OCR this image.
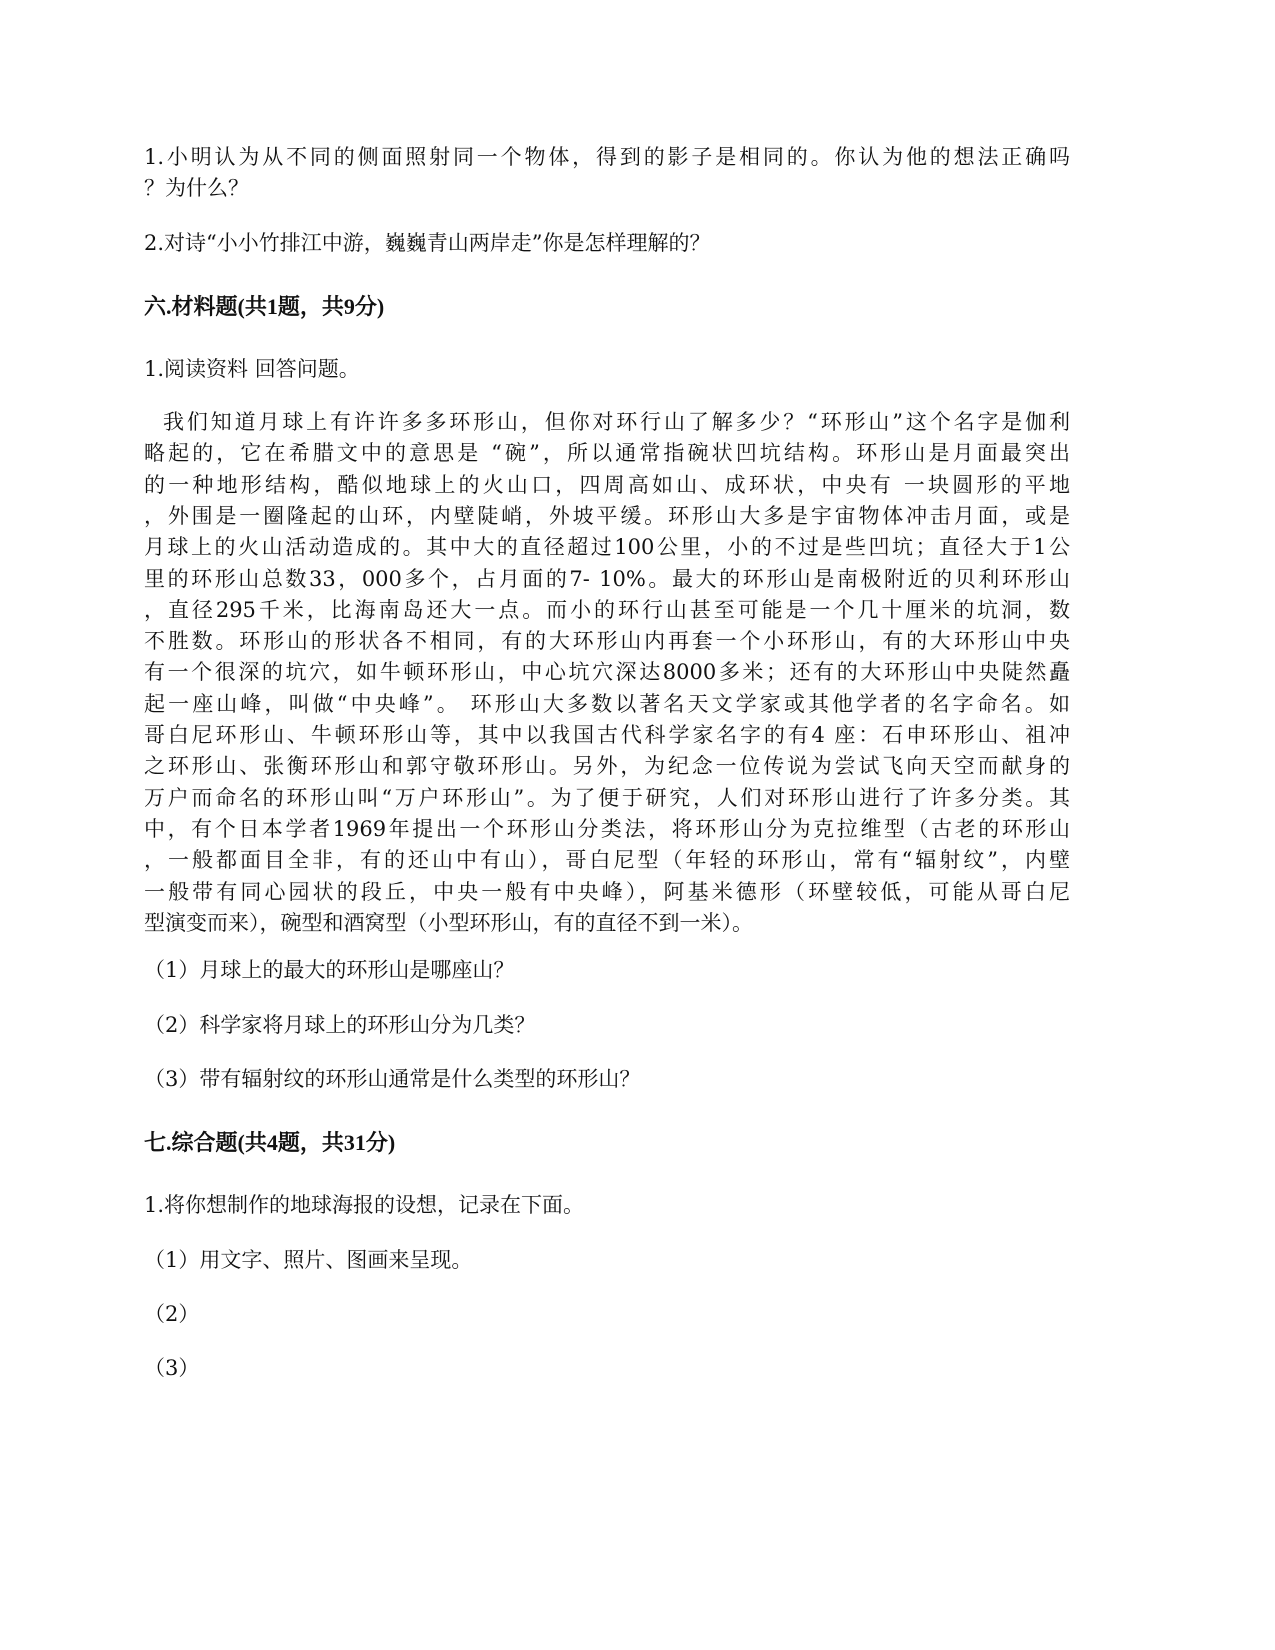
1.小明认为从不同的侧面照射同一个物体，得到的影子是相同的。你认为他的想法正确吗
？为什么？
2.对诗“小小竹排江中游，巍巍青山两岸走”你是怎样理解的？
六.材料题(共1题，共9分)
1.阅读资料 回答问题。
我们知道月球上有许许多多环形山，但你对环行山了解多少？“环形山”这个名字是伽利
略起的，它在希腊文中的意思是 “碗”，所以通常指碗状凹坑结构。环形山是月面最突出
的一种地形结构，酷似地球上的火山口，四周高如山、成环状，中央有 一块圆形的平地
，外围是一圈隆起的山环，内壁陡峭，外坡平缓。环形山大多是宇宙物体冲击月面，或是
月球上的火山活动造成的。其中大的直径超过100公里，小的不过是些凹坑；直径大于1公
里的环形山总数33，000多个，占月面的7- 10%。最大的环形山是南极附近的贝利环形山
，直径295千米，比海南岛还大一点。而小的环行山甚至可能是一个几十厘米的坑洞，数
不胜数。环形山的形状各不相同，有的大环形山内再套一个小环形山，有的大环形山中央
有一个很深的坑穴，如牛顿环形山，中心坑穴深达8000多米；还有的大环形山中央陡然矗
起一座山峰，叫做“中央峰”。 环形山大多数以著名天文学家或其他学者的名字命名。如
哥白尼环形山、牛顿环形山等，其中以我国古代科学家名字的有4 座：石申环形山、祖冲
之环形山、张衡环形山和郭守敬环形山。另外，为纪念一位传说为尝试飞向天空而献身的
万户而命名的环形山叫“万户环形山”。为了便于研究，人们对环形山进行了许多分类。其
中，有个日本学者1969年提出一个环形山分类法，将环形山分为克拉维型（古老的环形山
，一般都面目全非，有的还山中有山），哥白尼型（年轻的环形山，常有“辐射纹”，内壁
一般带有同心园状的段丘，中央一般有中央峰），阿基米德形（环壁较低，可能从哥白尼
型演变而来），碗型和酒窝型（小型环形山，有的直径不到一米）。
（1）月球上的最大的环形山是哪座山？
（2）科学家将月球上的环形山分为几类？
（3）带有辐射纹的环形山通常是什么类型的环形山？
七.综合题(共4题，共31分)
1.将你想制作的地球海报的设想，记录在下面。
（1）用文字、照片、图画来呈现。
（2）
（3）
